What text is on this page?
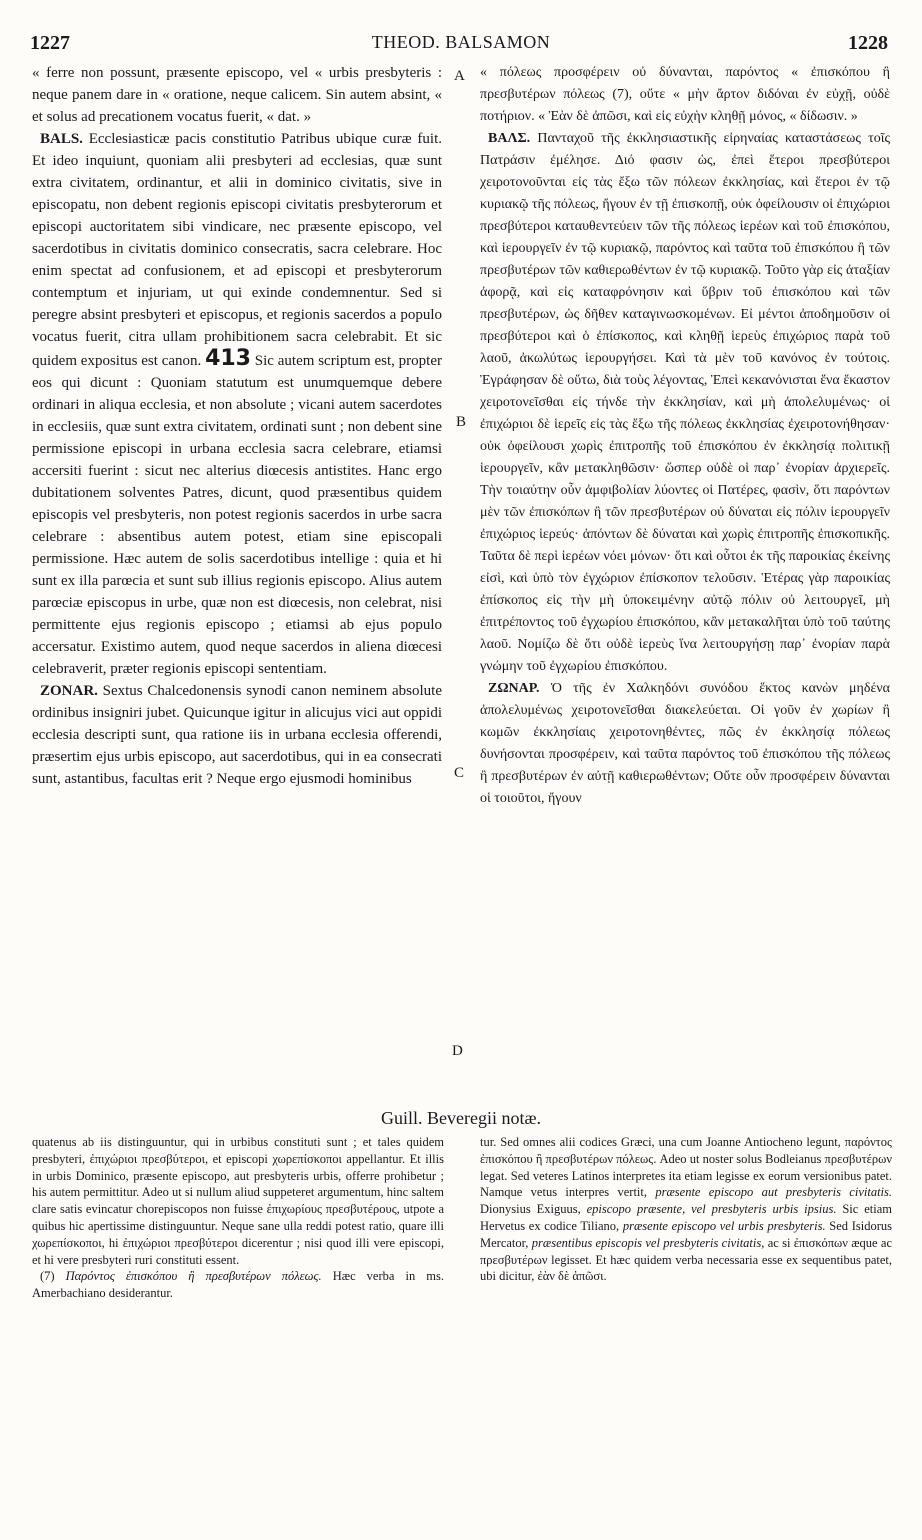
THEOD. BALSAMON
1227	1228
A
B
C
D

« ferre non possunt, præsente episcopo, vel « urbis presbyteris : neque panem dare in « oratione, neque calicem. Sin autem absint, « et solus ad precationem vocatus fuerit, « dat. »

BALS. Ecclesiasticæ pacis constitutio Patribus ubique curæ fuit. Et ideo inquiunt, quoniam alii presbyteri ad ecclesias, quæ sunt extra civitatem, ordinantur, et alii in dominico civitatis, sive in episcopatu, non debent regionis episcopi civitatis presbyterorum et episcopi auctoritatem sibi vindicare, nec præsente episcopo, vel sacerdotibus in civitatis dominico consecratis, sacra celebrare. Hoc enim spectat ad confusionem, et ad episcopi et presbyterorum contemptum et injuriam, ut qui exinde condemnentur. Sed si peregre absint presbyteri et episcopus, et regionis sacerdos a populo vocatus fuerit, citra ullam prohibitionem sacra celebrabit. Et sic quidem expositus est canon. 413 Sic autem scriptum est, propter eos qui dicunt : Quoniam statutum est unumquemque debere ordinari in aliqua ecclesia, et non absolute ; vicani autem sacerdotes in ecclesiis, quæ sunt extra civitatem, ordinati sunt ; non debent sine permissione episcopi in urbana ecclesia sacra celebrare, etiamsi accersiti fuerint : sicut nec alterius diœcesis antistites. Hanc ergo dubitationem solventes Patres, dicunt, quod præsentibus quidem episcopis vel presbyteris, non potest regionis sacerdos in urbe sacra celebrare : absentibus autem potest, etiam sine episcopali permissione. Hæc autem de solis sacerdotibus intellige : quia et hi sunt ex illa parœcia et sunt sub illius regionis episcopo. Alius autem parœciæ episcopus in urbe, quæ non est diœcesis, non celebrat, nisi permittente ejus regionis episcopo ; etiamsi ab ejus populo accersatur. Existimo autem, quod neque sacerdos in aliena diœcesi celebraverit, præter regionis episcopi sententiam.

ZONAR. Sextus Chalcedonensis synodi canon neminem absolute ordinibus insigniri jubet. Quicunque igitur in alicujus vici aut oppidi ecclesia descripti sunt, qua ratione iis in urbana ecclesia offerendi, præsertim ejus urbis episcopo, aut sacerdotibus, qui in ea consecrati sunt, astantibus, facultas erit ? Neque ergo ejusmodi hominibus

« πόλεως προσφέρειν οὐ δύνανται, παρόντος « ἐπισκόπου ἢ πρεσβυτέρων πόλεως (7), οὔτε « μὴν ἄρτον διδόναι ἐν εὐχῇ, οὐδὲ ποτήριον. « Ἐὰν δὲ ἀπῶσι, καὶ εἰς εὐχὴν κληθῇ μόνος, « δίδωσιν. »

ΒΑΛΣ. Πανταχοῦ τῆς ἐκκλησιαστικῆς εἰρηναίας καταστάσεως τοῖς Πατράσιν ἐμέλησε. Διό φασιν ὡς, ἐπεὶ ἕτεροι πρεσβύτεροι χειροτονοῦνται εἰς τὰς ἔξω τῶν πόλεων ἐκκλησίας, καὶ ἕτεροι ἐν τῷ κυριακῷ τῆς πόλεως, ἤγουν ἐν τῇ ἐπισκοπῇ, οὐκ ὀφείλουσιν οἱ ἐπιχώριοι πρεσβύτεροι καταυθεντεύειν τῶν τῆς πόλεως ἱερέων καὶ τοῦ ἐπισκόπου, καὶ ἱερουργεῖν ἐν τῷ κυριακῷ, παρόντος καὶ ταῦτα τοῦ ἐπισκόπου ἢ τῶν πρεσβυτέρων τῶν καθιερωθέντων ἐν τῷ κυριακῷ. Τοῦτο γὰρ εἰς ἀταξίαν ἀφορᾷ, καὶ εἰς καταφρόνησιν καὶ ὕβριν τοῦ ἐπισκόπου καὶ τῶν πρεσβυτέρων, ὡς δῆθεν καταγινωσκομένων. Εἰ μέντοι ἀποδημοῦσιν οἱ πρεσβύτεροι καὶ ὁ ἐπίσκοπος, καὶ κληθῇ ἱερεὺς ἐπιχώριος παρὰ τοῦ λαοῦ, ἀκωλύτως ἱερουργήσει. Καὶ τὰ μὲν τοῦ κανόνος ἐν τούτοις. Ἐγράφησαν δὲ οὕτω, διὰ τοὺς λέγοντας, Ἐπεὶ κεκανόνισται ἕνα ἕκαστον χειροτονεῖσθαι εἰς τήνδε τὴν ἐκκλησίαν, καὶ μὴ ἀπολελυμένως· οἱ ἐπιχώριοι δὲ ἱερεῖς εἰς τὰς ἔξω τῆς πόλεως ἐκκλησίας ἐχειροτονήθησαν· οὐκ ὀφείλουσι χωρὶς ἐπιτροπῆς τοῦ ἐπισκόπου ἐν ἐκκλησίᾳ πολιτικῇ ἱερουργεῖν, κἂν μετακληθῶσιν· ὥσπερ οὐδὲ οἱ παρ᾽ ἐνορίαν ἀρχιερεῖς. Τὴν τοιαύτην οὖν ἀμφιβολίαν λύοντες οἱ Πατέρες, φασὶν, ὅτι παρόντων μὲν τῶν ἐπισκόπων ἢ τῶν πρεσβυτέρων οὐ δύναται εἰς πόλιν ἱερουργεῖν ἐπιχώριος ἱερεύς· ἀπόντων δὲ δύναται καὶ χωρὶς ἐπιτροπῆς ἐπισκοπικῆς. Ταῦτα δὲ περὶ ἱερέων νόει μόνων· ὅτι καὶ οὗτοι ἐκ τῆς παροικίας ἐκείνης εἰσὶ, καὶ ὑπὸ τὸν ἐγχώριον ἐπίσκοπον τελοῦσιν. Ἑτέρας γὰρ παροικίας ἐπίσκοπος εἰς τὴν μὴ ὑποκειμένην αὐτῷ πόλιν οὐ λειτουργεῖ, μὴ ἐπιτρέποντος τοῦ ἐγχωρίου ἐπισκόπου, κἂν μετακαλῆται ὑπὸ τοῦ ταύτης λαοῦ. Νομίζω δὲ ὅτι οὐδὲ ἱερεὺς ἵνα λειτουργήσῃ παρ᾽ ἐνορίαν παρὰ γνώμην τοῦ ἐγχωρίου ἐπισκόπου.

ΖΩΝΑΡ. Ὁ τῆς ἐν Χαλκηδόνι συνόδου ἕκτος κανὼν μηδένα ἀπολελυμένως χειροτονεῖσθαι διακελεύεται. Οἱ γοῦν ἐν χωρίων ἢ κωμῶν ἐκκλησίαις χειροτονηθέντες, πῶς ἐν ἐκκλησίᾳ πόλεως δυνήσονται προσφέρειν, καὶ ταῦτα παρόντος τοῦ ἐπισκόπου τῆς πόλεως ἢ πρεσβυτέρων ἐν αὐτῇ καθιερωθέντων; Οὔτε οὖν προσφέρειν δύνανται οἱ τοιοῦτοι, ἤγουν

Guill. Beveregii notæ.

quatenus ab iis distinguuntur, qui in urbibus constituti sunt ; et tales quidem presbyteri, ἐπιχώριοι πρεσβύτεροι, et episcopi χωρεπίσκοποι appellantur. Et illis in urbis Dominico, præsente episcopo, aut presbyteris urbis, offerre prohibetur ; his autem permittitur. Adeo ut si nullum aliud suppeteret argumentum, hinc saltem clare satis evincatur chorepiscopos non fuisse ἐπιχωρίους πρεσβυτέρους, utpote a quibus hic apertissime distinguuntur. Neque sane ulla reddi potest ratio, quare illi χωρεπίσκοποι, hi ἐπιχώριοι πρεσβύτεροι dicerentur ; nisi quod illi vere episcopi, et hi vere presbyteri ruri constituti essent.

(7) Παρόντος ἐπισκόπου ἢ πρεσβυτέρων πόλεως. Hæc verba in ms. Amerbachiano desiderantur.

tur. Sed omnes alii codices Græci, una cum Joanne Antiocheno legunt, παρόντος ἐπισκόπου ἢ πρεσβυτέρων πόλεως. Adeo ut noster solus Bodleianus πρεσβυτέρων legat. Sed veteres Latinos interpretes ita etiam legisse ex eorum versionibus patet. Namque vetus interpres vertit, præsente episcopo aut presbyteris civitatis. Dionysius Exiguus, episcopo præsente, vel presbyteris urbis ipsius. Sic etiam Hervetus ex codice Tiliano, præsente episcopo vel urbis presbyteris. Sed Isidorus Mercator, præsentibus episcopis vel presbyteris civitatis, ac si ἐπισκόπων æque ac πρεσβυτέρων legisset. Et hæc quidem verba necessaria esse ex sequentibus patet, ubi dicitur, ἐὰν δὲ ἀπῶσι.
